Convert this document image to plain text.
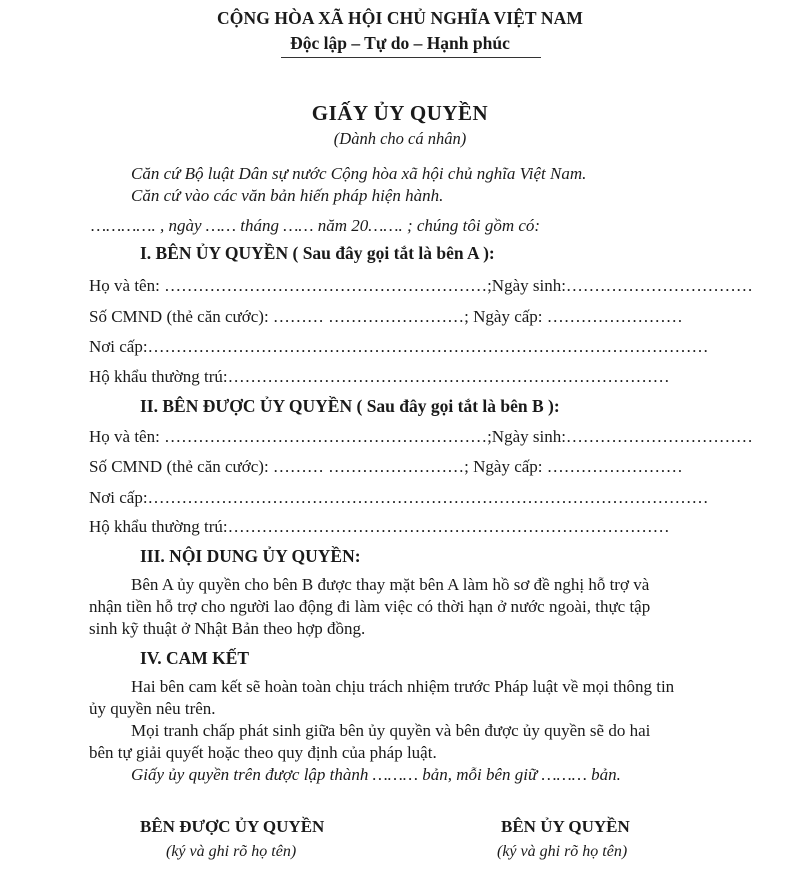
CỘNG HÒA XÃ HỘI CHỦ NGHĨA VIỆT NAM
Độc lập – Tự do – Hạnh phúc
GIẤY ỦY QUYỀN
(Dành cho cá nhân)
Căn cứ Bộ luật Dân sự nước Cộng hòa xã hội chủ nghĩa Việt Nam.
Căn cứ vào các văn bản hiến pháp hiện hành.
…………. , ngày …… tháng …… năm 20……. ; chúng tôi gồm có:
I. BÊN ỦY QUYỀN ( Sau đây gọi tắt là bên A ):
Họ và tên: …………………………………………………;Ngày sinh:……………………………
Số CMND (thẻ căn cước): ……… ……………………; Ngày cấp: ……………………
Nơi cấp:………………………………………………………………………………………
Hộ khẩu thường trú:……………………………………………………………………
II. BÊN ĐƯỢC ỦY QUYỀN ( Sau đây gọi tắt là bên B ):
Họ và tên: …………………………………………………;Ngày sinh:……………………………
Số CMND (thẻ căn cước): ……… ……………………; Ngày cấp: ……………………
Nơi cấp:………………………………………………………………………………………
Hộ khẩu thường trú:……………………………………………………………………
III. NỘI DUNG ỦY QUYỀN:
Bên A ủy quyền cho bên B được thay mặt bên A làm hồ sơ đề nghị hỗ trợ và
nhận tiền hỗ trợ cho người lao động đi làm việc có thời hạn ở nước ngoài, thực tập
sinh kỹ thuật ở Nhật Bản theo hợp đồng.
IV. CAM KẾT
Hai bên cam kết sẽ hoàn toàn chịu trách nhiệm trước Pháp luật về mọi thông tin
ủy quyền nêu trên.
Mọi tranh chấp phát sinh giữa bên ủy quyền và bên được ủy quyền sẽ do hai
bên tự giải quyết hoặc theo quy định của pháp luật.
Giấy ủy quyền trên được lập thành ……… bản, mỗi bên giữ ……… bản.
BÊN ĐƯỢC ỦY QUYỀN
(ký và ghi rõ họ tên)
BÊN ỦY QUYỀN
(ký và ghi rõ họ tên)
